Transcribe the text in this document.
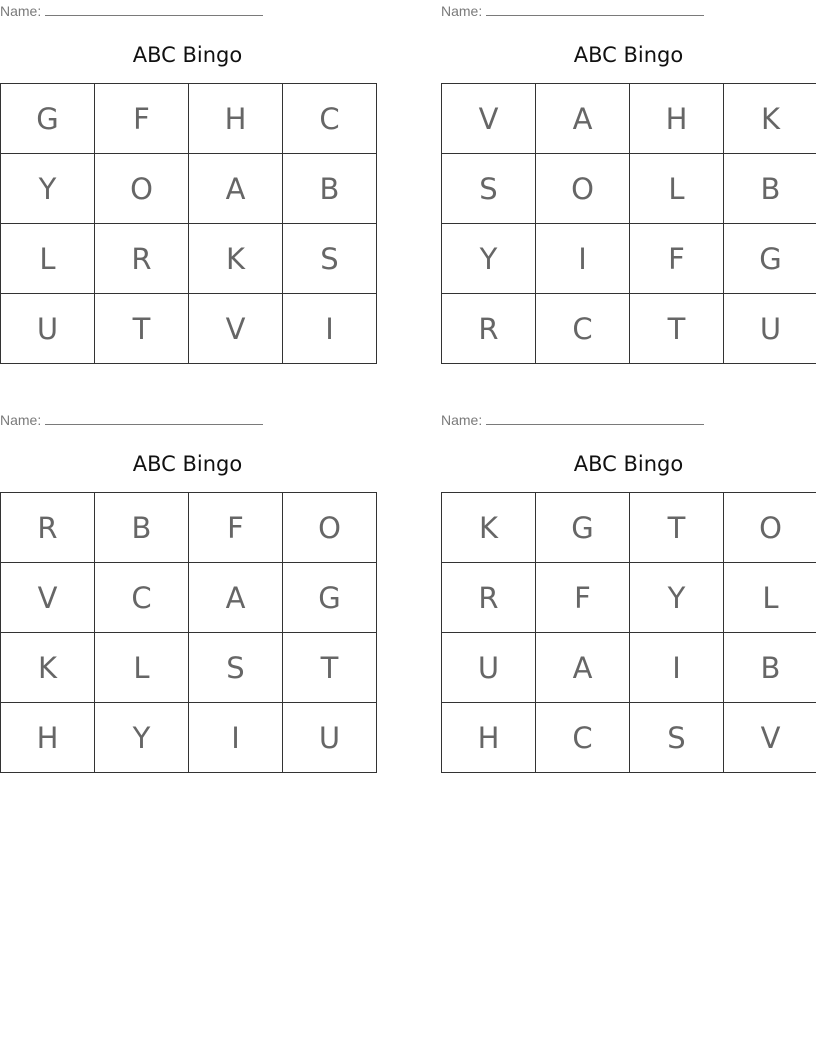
Name:
ABC Bingo
G	F	H	C
Y	O	A	B
L	R	K	S
U	T	V	I
Name:
ABC Bingo
V	A	H	K
S	O	L	B
Y	I	F	G
R	C	T	U
Name:
ABC Bingo
R	B	F	O
V	C	A	G
K	L	S	T
H	Y	I	U
Name:
ABC Bingo
K	G	T	O
R	F	Y	L
U	A	I	B
H	C	S	V
